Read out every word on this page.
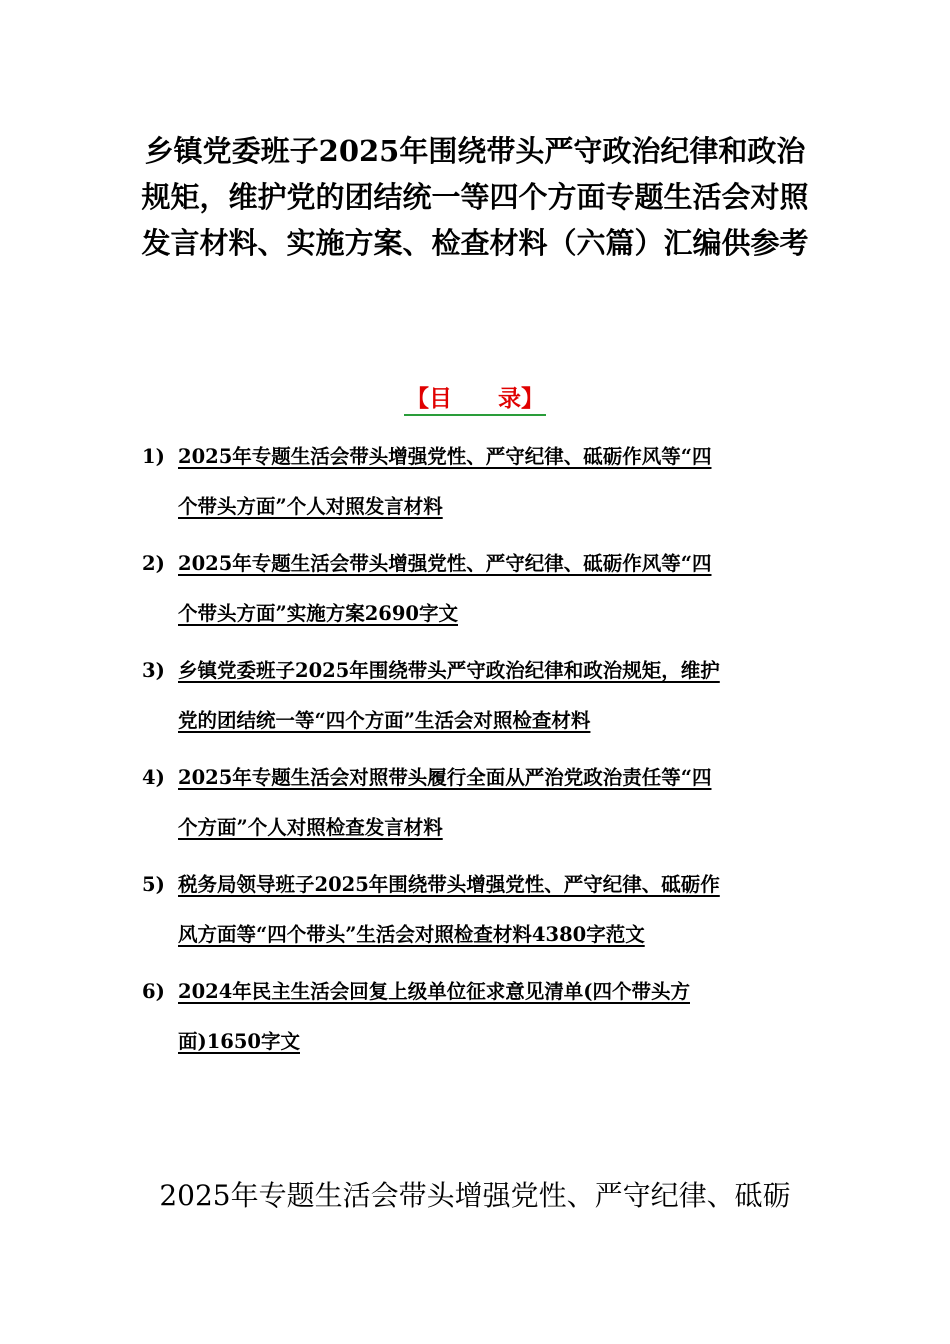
乡镇党委班子2025年围绕带头严守政治纪律和政治
规矩，维护党的团结统一等四个方面专题生活会对照
发言材料、实施方案、检查材料（六篇）汇编供参考
【目　　录】
1) 2025年专题生活会带头增强党性、严守纪律、砥砺作风等“四
个带头方面”个人对照发言材料
2) 2025年专题生活会带头增强党性、严守纪律、砥砺作风等“四
个带头方面”实施方案2690字文
3) 乡镇党委班子2025年围绕带头严守政治纪律和政治规矩，维护
党的团结统一等“四个方面”生活会对照检查材料
4) 2025年专题生活会对照带头履行全面从严治党政治责任等“四
个方面”个人对照检查发言材料
5) 税务局领导班子2025年围绕带头增强党性、严守纪律、砥砺作
风方面等“四个带头”生活会对照检查材料4380字范文
6) 2024年民主生活会回复上级单位征求意见清单(四个带头方
面)1650字文
2025年专题生活会带头增强党性、严守纪律、砥砺
